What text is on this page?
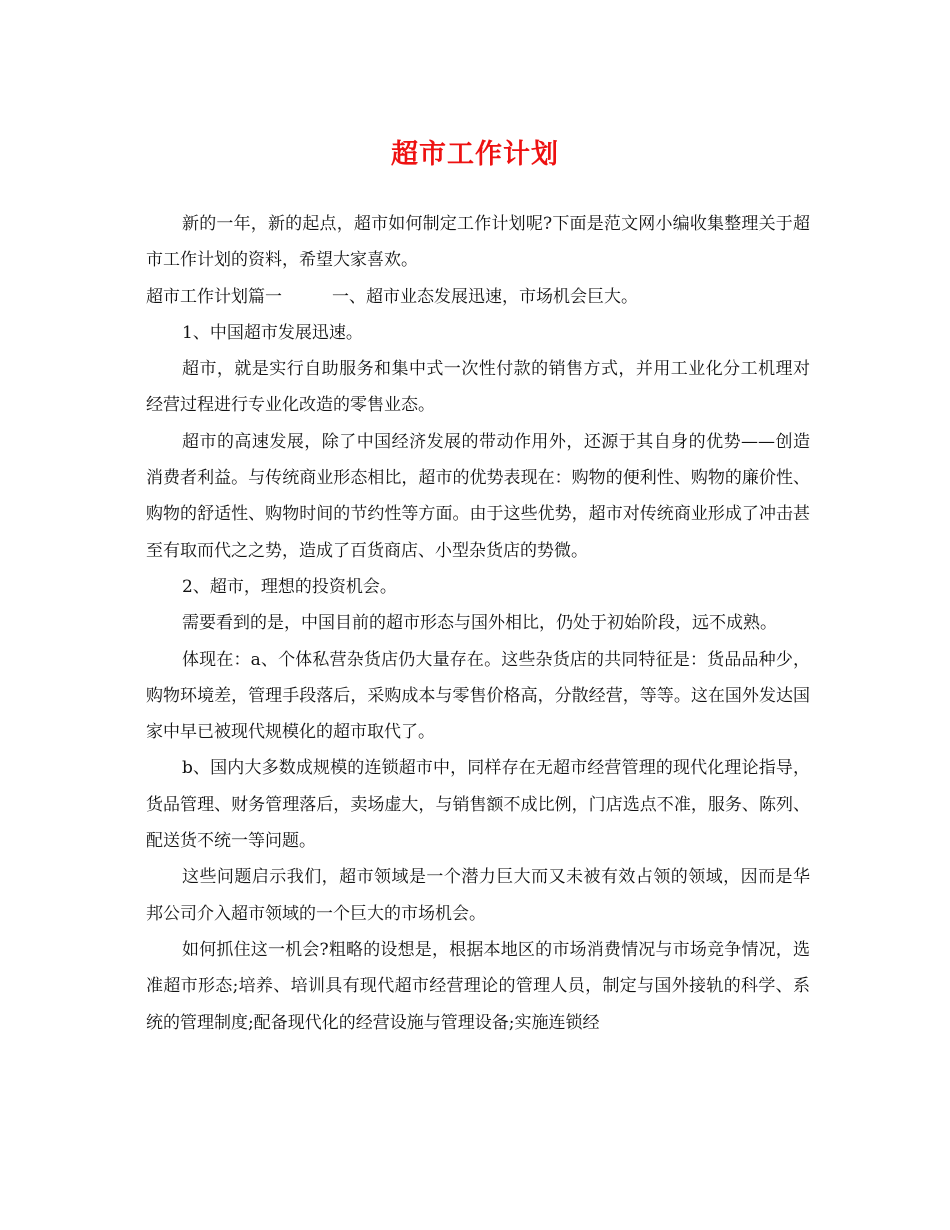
超市工作计划

新的一年，新的起点，超市如何制定工作计划呢?下面是范文网小编收集整理关于超市工作计划的资料，希望大家喜欢。

超市工作计划篇一	一、超市业态发展迅速，市场机会巨大。

1、中国超市发展迅速。

超市，就是实行自助服务和集中式一次性付款的销售方式，并用工业化分工机理对经营过程进行专业化改造的零售业态。

超市的高速发展，除了中国经济发展的带动作用外，还源于其自身的优势——创造消费者利益。与传统商业形态相比，超市的优势表现在：购物的便利性、购物的廉价性、购物的舒适性、购物时间的节约性等方面。由于这些优势，超市对传统商业形成了冲击甚至有取而代之之势，造成了百货商店、小型杂货店的势微。

2、超市，理想的投资机会。

需要看到的是，中国目前的超市形态与国外相比，仍处于初始阶段，远不成熟。

体现在：a、个体私营杂货店仍大量存在。这些杂货店的共同特征是：货品品种少，购物环境差，管理手段落后，采购成本与零售价格高，分散经营，等等。这在国外发达国家中早已被现代规模化的超市取代了。

b、国内大多数成规模的连锁超市中，同样存在无超市经营管理的现代化理论指导，货品管理、财务管理落后，卖场虚大，与销售额不成比例，门店选点不准，服务、陈列、配送货不统一等问题。

这些问题启示我们，超市领域是一个潜力巨大而又未被有效占领的领域，因而是华邦公司介入超市领域的一个巨大的市场机会。

如何抓住这一机会?粗略的设想是，根据本地区的市场消费情况与市场竞争情况，选准超市形态;培养、培训具有现代超市经营理论的管理人员，制定与国外接轨的科学、系统的管理制度;配备现代化的经营设施与管理设备;实施连锁经
